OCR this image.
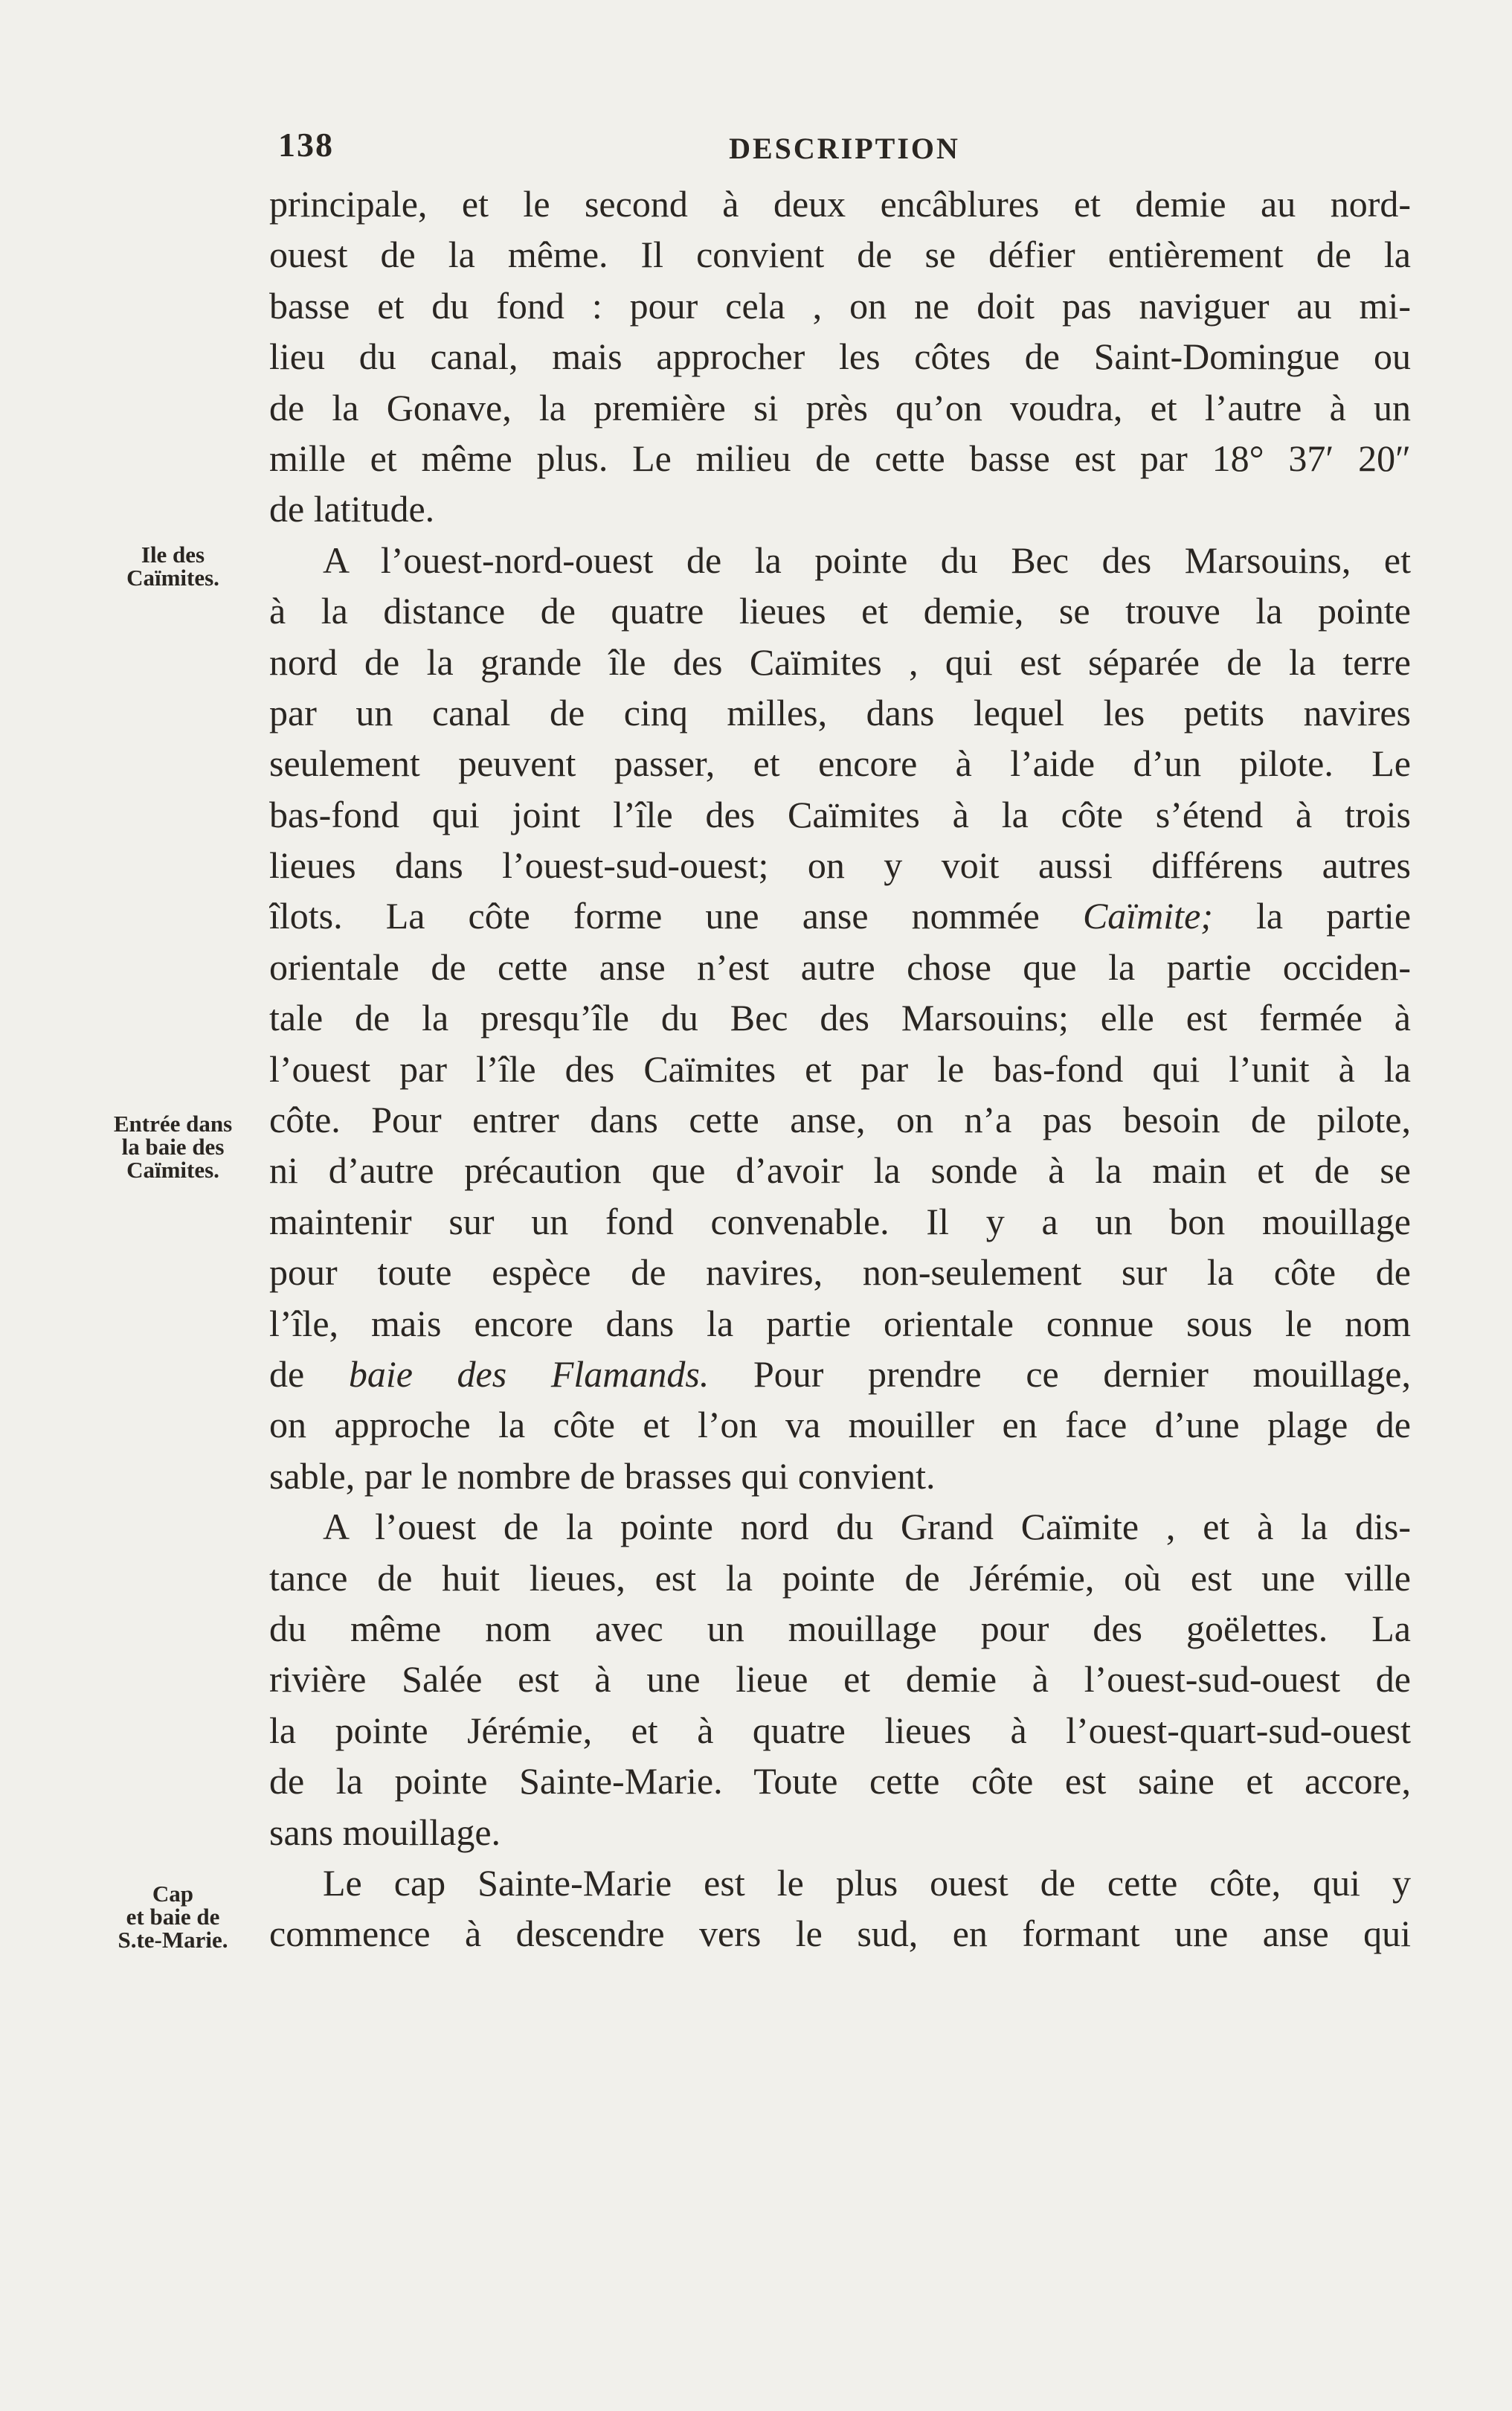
138	DESCRIPTION
Ile des
Caïmites.
Entrée dans
la baie des
Caïmites.
Cap
et baie de
S.te-Marie.
principale, et le second à deux encâblures et demie au nord-
ouest de la même. Il convient de se défier entièrement de la
basse et du fond : pour cela , on ne doit pas naviguer au mi-
lieu du canal, mais approcher les côtes de Saint-Domingue ou
de la Gonave, la première si près qu’on voudra, et l’autre à un
mille et même plus. Le milieu de cette basse est par 18° 37′ 20″
de latitude.
A l’ouest-nord-ouest de la pointe du Bec des Marsouins, et
à la distance de quatre lieues et demie, se trouve la pointe
nord de la grande île des Caïmites , qui est séparée de la terre
par un canal de cinq milles, dans lequel les petits navires
seulement peuvent passer, et encore à l’aide d’un pilote. Le
bas-fond qui joint l’île des Caïmites à la côte s’étend à trois
lieues dans l’ouest-sud-ouest; on y voit aussi différens autres
îlots. La côte forme une anse nommée Caïmite; la partie
orientale de cette anse n’est autre chose que la partie occiden-
tale de la presqu’île du Bec des Marsouins; elle est fermée à
l’ouest par l’île des Caïmites et par le bas-fond qui l’unit à la
côte. Pour entrer dans cette anse, on n’a pas besoin de pilote,
ni d’autre précaution que d’avoir la sonde à la main et de se
maintenir sur un fond convenable. Il y a un bon mouillage
pour toute espèce de navires, non-seulement sur la côte de
l’île, mais encore dans la partie orientale connue sous le nom
de baie des Flamands. Pour prendre ce dernier mouillage,
on approche la côte et l’on va mouiller en face d’une plage de
sable, par le nombre de brasses qui convient.
A l’ouest de la pointe nord du Grand Caïmite , et à la dis-
tance de huit lieues, est la pointe de Jérémie, où est une ville
du même nom avec un mouillage pour des goëlettes. La
rivière Salée est à une lieue et demie à l’ouest-sud-ouest de
la pointe Jérémie, et à quatre lieues à l’ouest-quart-sud-ouest
de la pointe Sainte-Marie. Toute cette côte est saine et accore,
sans mouillage.
Le cap Sainte-Marie est le plus ouest de cette côte, qui y
commence à descendre vers le sud, en formant une anse qui
